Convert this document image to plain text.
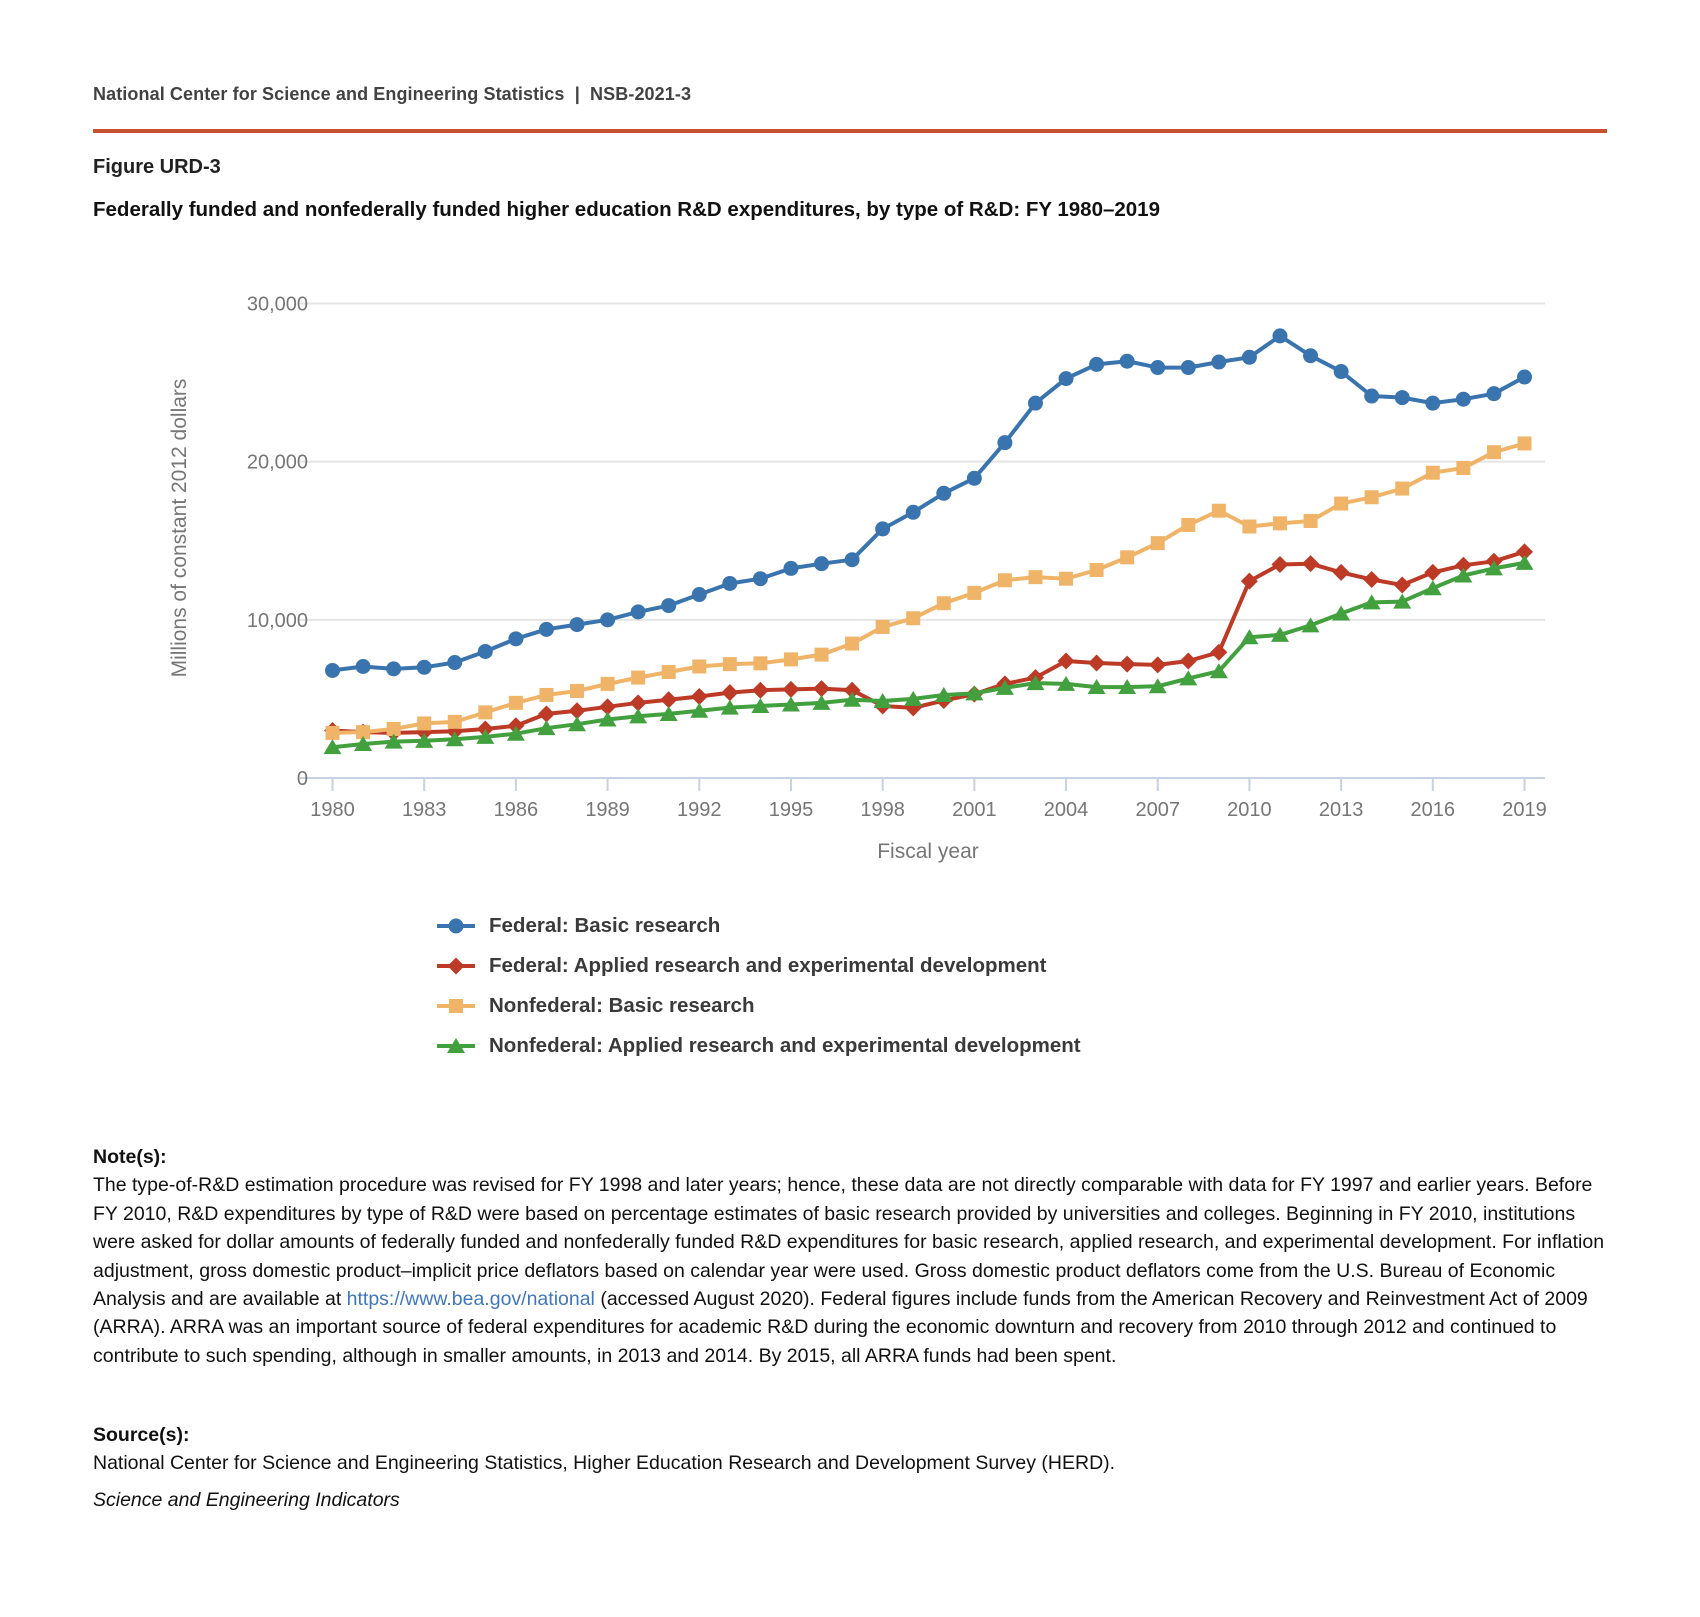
National Center for Science and Engineering Statistics  |  NSB-2021-3
Figure URD-3
Federally funded and nonfederally funded higher education R&D expenditures, by type of R&D: FY 1980–2019
1980 1983 1986 1989 1992 1995 1998 2001 2004 2007 2010 2013 2016 2019
0
10,000
20,000
30,000
Millions of constant 2012 dollars
Fiscal year
Federal: Basic research
Federal: Applied research and experimental development
Nonfederal: Basic research
Nonfederal: Applied research and experimental development
Note(s):
The type-of-R&D estimation procedure was revised for FY 1998 and later years; hence, these data are not directly comparable with data for FY 1997 and earlier years. Before FY 2010, R&D expenditures by type of R&D were based on percentage estimates of basic research provided by universities and colleges. Beginning in FY 2010, institutions were asked for dollar amounts of federally funded and nonfederally funded R&D expenditures for basic research, applied research, and experimental development. For inflation adjustment, gross domestic product–implicit price deflators based on calendar year were used. Gross domestic product deflators come from the U.S. Bureau of Economic Analysis and are available at https://www.bea.gov/national (accessed August 2020). Federal figures include funds from the American Recovery and Reinvestment Act of 2009 (ARRA). ARRA was an important source of federal expenditures for academic R&D during the economic downturn and recovery from 2010 through 2012 and continued to contribute to such spending, although in smaller amounts, in 2013 and 2014. By 2015, all ARRA funds had been spent.
Source(s):
National Center for Science and Engineering Statistics, Higher Education Research and Development Survey (HERD).
Science and Engineering Indicators
